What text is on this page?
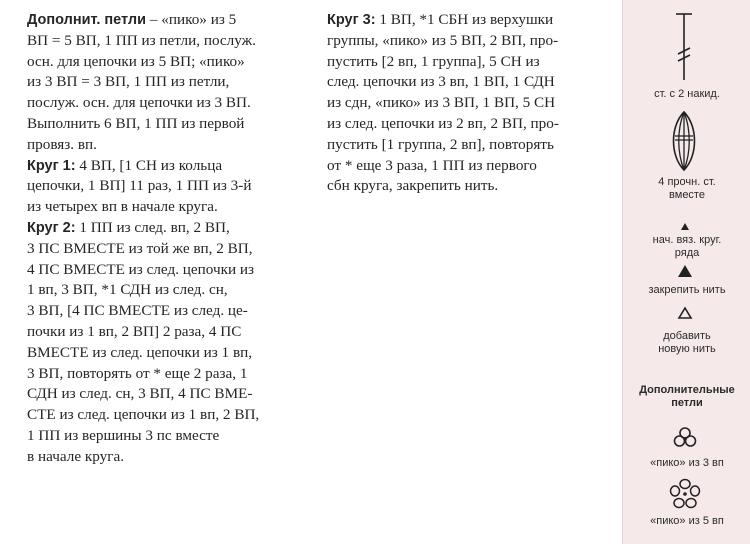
Дополнит. петли – «пико» из 5
ВП = 5 ВП, 1 ПП из петли, послуж.
осн. для цепочки из 5 ВП; «пико»
из 3 ВП = 3 ВП, 1 ПП из петли,
послуж. осн. для цепочки из 3 ВП.
Выполнить 6 ВП, 1 ПП из первой
провяз. вп.

Круг 1: 4 ВП, [1 СН из кольца
цепочки, 1 ВП] 11 раз, 1 ПП из 3-й
из четырех вп в начале круга.

Круг 2: 1 ПП из след. вп, 2 ВП,
3 ПС ВМЕСТЕ из той же вп, 2 ВП,
4 ПС ВМЕСТЕ из след. цепочки из
1 вп, 3 ВП, *1 СДН из след. сн,
3 ВП, [4 ПС ВМЕСТЕ из след. це-
почки из 1 вп, 2 ВП] 2 раза, 4 ПС
ВМЕСТЕ из след. цепочки из 1 вп,
3 ВП, повторять от * еще 2 раза, 1
СДН из след. сн, 3 ВП, 4 ПС ВМЕ-
СТЕ из след. цепочки из 1 вп, 2 ВП,
1 ПП из вершины 3 пс вместе
в начале круга.

Круг 3: 1 ВП, *1 СБН из верхушки
группы, «пико» из 5 ВП, 2 ВП, про-
пустить [2 вп, 1 группа], 5 СН из
след. цепочки из 3 вп, 1 ВП, 1 СДН
из сдн, «пико» из 3 ВП, 1 ВП, 5 СН
из след. цепочки из 2 вп, 2 ВП, про-
пустить [1 группа, 2 вп], повторять
от * еще 3 раза, 1 ПП из первого
сбн круга, закрепить нить.

ст. с 2 накид.
4 прочн. ст.
вместе
нач. вяз. круг.
ряда
закрепить нить
добавить
новую нить
Дополнительные
петли
«пико» из 3 вп
«пико» из 5 вп
